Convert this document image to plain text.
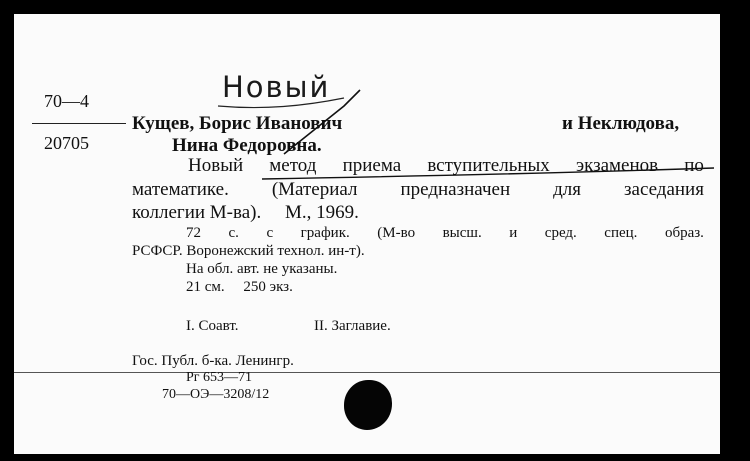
Новый
70—4
20705
Кущев, Борис Иванович	и Неклюдова,
Нина Федоровна.
Новый метод приема вступительных экзаменов по
математике. (Материал предназначен для заседания
коллегии М-ва).     М., 1969.
72 с. с график. (М-во высш. и сред. спец. образ.
РСФСР. Воронежский технол. ин-т).
На обл. авт. не указаны.
21 см.     250 экз.
I. Соавт.	II. Заглавие.
Гос. Публ. б-ка. Ленингр.
Рг 653—71
70—ОЭ—3208/12
